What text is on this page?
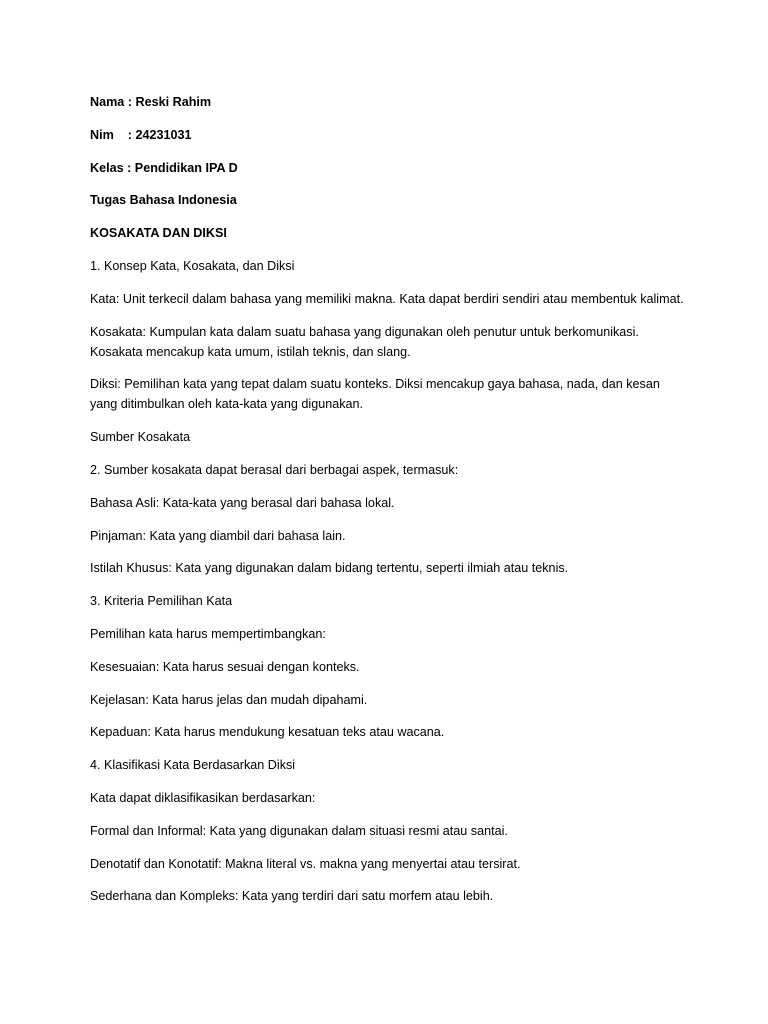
Nama : Reski Rahim

Nim    : 24231031

Kelas : Pendidikan IPA D

Tugas Bahasa Indonesia

KOSAKATA DAN DIKSI

1. Konsep Kata, Kosakata, dan Diksi

Kata: Unit terkecil dalam bahasa yang memiliki makna. Kata dapat berdiri sendiri atau membentuk kalimat.

Kosakata: Kumpulan kata dalam suatu bahasa yang digunakan oleh penutur untuk berkomunikasi. Kosakata mencakup kata umum, istilah teknis, dan slang.

Diksi: Pemilihan kata yang tepat dalam suatu konteks. Diksi mencakup gaya bahasa, nada, dan kesan yang ditimbulkan oleh kata-kata yang digunakan.

Sumber Kosakata

2. Sumber kosakata dapat berasal dari berbagai aspek, termasuk:

Bahasa Asli: Kata-kata yang berasal dari bahasa lokal.

Pinjaman: Kata yang diambil dari bahasa lain.

Istilah Khusus: Kata yang digunakan dalam bidang tertentu, seperti ilmiah atau teknis.

3. Kriteria Pemilihan Kata

Pemilihan kata harus mempertimbangkan:

Kesesuaian: Kata harus sesuai dengan konteks.

Kejelasan: Kata harus jelas dan mudah dipahami.

Kepaduan: Kata harus mendukung kesatuan teks atau wacana.

4. Klasifikasi Kata Berdasarkan Diksi

Kata dapat diklasifikasikan berdasarkan:

Formal dan Informal: Kata yang digunakan dalam situasi resmi atau santai.

Denotatif dan Konotatif: Makna literal vs. makna yang menyertai atau tersirat.

Sederhana dan Kompleks: Kata yang terdiri dari satu morfem atau lebih.
